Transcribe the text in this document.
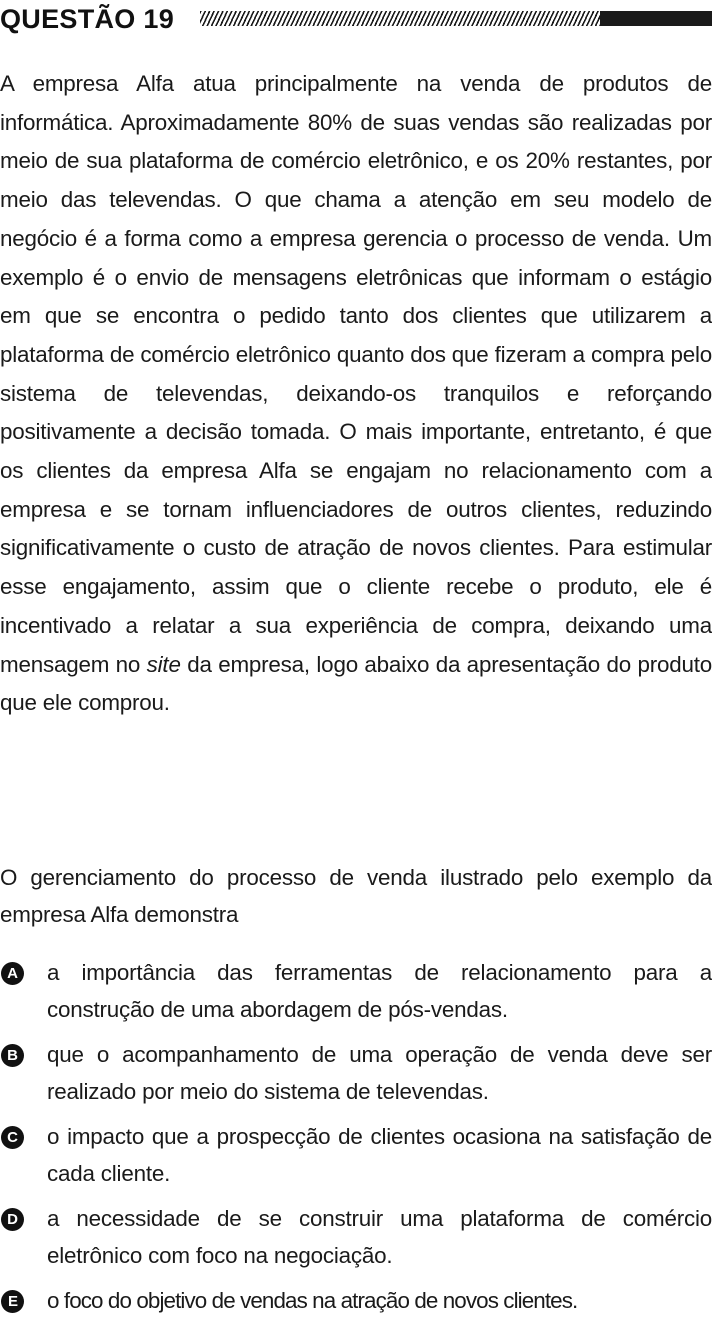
QUESTÃO 19

A empresa Alfa atua principalmente na venda de produtos de informática. Aproximadamente 80% de suas vendas são realizadas por meio de sua plataforma de comércio eletrônico, e os 20% restantes, por meio das televendas. O que chama a atenção em seu modelo de negócio é a forma como a empresa gerencia o processo de venda. Um exemplo é o envio de mensagens eletrônicas que informam o estágio em que se encontra o pedido tanto dos clientes que utilizarem a plataforma de comércio eletrônico quanto dos que fizeram a compra pelo sistema de televendas, deixando-os tranquilos e reforçando positivamente a decisão tomada. O mais importante, entretanto, é que os clientes da empresa Alfa se engajam no relacionamento com a empresa e se tornam influenciadores de outros clientes, reduzindo significativamente o custo de atração de novos clientes. Para estimular esse engajamento, assim que o cliente recebe o produto, ele é incentivado a relatar a sua experiência de compra, deixando uma mensagem no site da empresa, logo abaixo da apresentação do produto que ele comprou.

O gerenciamento do processo de venda ilustrado pelo exemplo da empresa Alfa demonstra

A a importância das ferramentas de relacionamento para a construção de uma abordagem de pós-vendas.
B que o acompanhamento de uma operação de venda deve ser realizado por meio do sistema de televendas.
C o impacto que a prospecção de clientes ocasiona na satisfação de cada cliente.
D a necessidade de se construir uma plataforma de comércio eletrônico com foco na negociação.
E	o foco do objetivo de vendas na atração de novos clientes.
